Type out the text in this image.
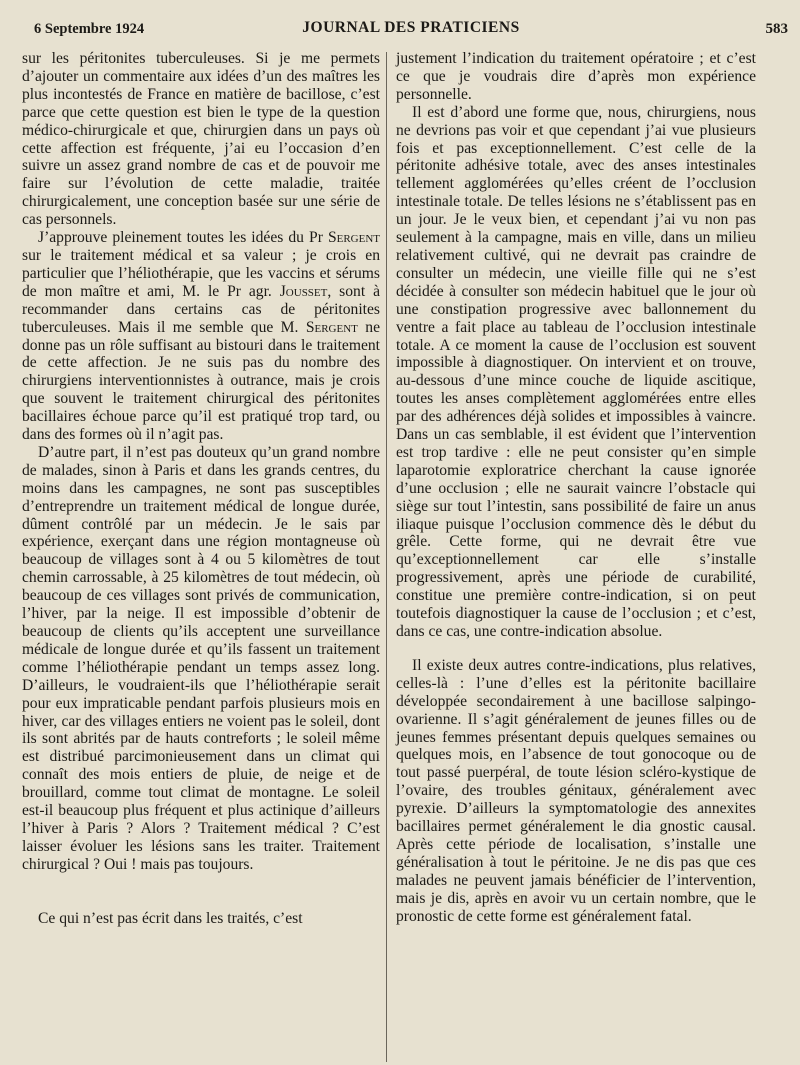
6 Septembre 1924	JOURNAL DES PRATICIENS	583

sur les péritonites tuberculeuses. Si je me permets d’ajouter un commentaire aux idées d’un des maîtres les plus incontestés de France en matière de bacillose, c’est parce que cette question est bien le type de la question médico-chirurgicale et que, chirurgien dans un pays où cette affection est fréquente, j’ai eu l’occasion d’en suivre un assez grand nombre de cas et de pouvoir me faire sur l’évolution de cette maladie, traitée chirurgicalement, une conception basée sur une série de cas personnels.

J’approuve pleinement toutes les idées du Pr Sergent sur le traitement médical et sa valeur ; je crois en particulier que l’héliothérapie, que les vaccins et sérums de mon maître et ami, M. le Pr agr. Jousset, sont à recommander dans certains cas de péritonites tuberculeuses. Mais il me semble que M. Sergent ne donne pas un rôle suffisant au bistouri dans le traitement de cette affection. Je ne suis pas du nombre des chirurgiens interventionnistes à outrance, mais je crois que souvent le traitement chirurgical des péritonites bacillaires échoue parce qu’il est pratiqué trop tard, ou dans des formes où il n’agit pas.

D’autre part, il n’est pas douteux qu’un grand nombre de malades, sinon à Paris et dans les grands centres, du moins dans les campagnes, ne sont pas susceptibles d’entreprendre un traitement médical de longue durée, dûment contrôlé par un médecin. Je le sais par expérience, exerçant dans une région montagneuse où beaucoup de villages sont à 4 ou 5 kilomètres de tout chemin carrossable, à 25 kilomètres de tout médecin, où beaucoup de ces villages sont privés de communication, l’hiver, par la neige. Il est impossible d’obtenir de beaucoup de clients qu’ils acceptent une surveillance médicale de longue durée et qu’ils fassent un traitement comme l’héliothérapie pendant un temps assez long. D’ailleurs, le voudraient-ils que l’héliothérapie serait pour eux impraticable pendant parfois plusieurs mois en hiver, car des villages entiers ne voient pas le soleil, dont ils sont abrités par de hauts contreforts ; le soleil même est distribué parcimonieusement dans un climat qui connaît des mois entiers de pluie, de neige et de brouillard, comme tout climat de montagne. Le soleil est-il beaucoup plus fréquent et plus actinique d’ailleurs l’hiver à Paris ? Alors ? Traitement médical ? C’est laisser évoluer les lésions sans les traiter. Traitement chirurgical ? Oui ! mais pas toujours.

Ce qui n’est pas écrit dans les traités, c’est

justement l’indication du traitement opératoire ; et c’est ce que je voudrais dire d’après mon expérience personnelle.

Il est d’abord une forme que, nous, chirurgiens, nous ne devrions pas voir et que cependant j’ai vue plusieurs fois et pas exceptionnellement. C’est celle de la péritonite adhésive totale, avec des anses intestinales tellement agglomérées qu’elles créent de l’occlusion intestinale totale. De telles lésions ne s’établissent pas en un jour. Je le veux bien, et cependant j’ai vu non pas seulement à la campagne, mais en ville, dans un milieu relativement cultivé, qui ne devrait pas craindre de consulter un médecin, une vieille fille qui ne s’est décidée à consulter son médecin habituel que le jour où une constipation progressive avec ballonnement du ventre a fait place au tableau de l’occlusion intestinale totale. A ce moment la cause de l’occlusion est souvent impossible à diagnostiquer. On intervient et on trouve, au-dessous d’une mince couche de liquide ascitique, toutes les anses complètement agglomérées entre elles par des adhérences déjà solides et impossibles à vaincre. Dans un cas semblable, il est évident que l’intervention est trop tardive : elle ne peut consister qu’en simple laparotomie exploratrice cherchant la cause ignorée d’une occlusion ; elle ne saurait vaincre l’obstacle qui siège sur tout l’intestin, sans possibilité de faire un anus iliaque puisque l’occlusion commence dès le début du grêle. Cette forme, qui ne devrait être vue qu’exceptionnellement car elle s’installe progressivement, après une période de curabilité, constitue une première contre-indication, si on peut toutefois diagnostiquer la cause de l’occlusion ; et c’est, dans ce cas, une contre-indication absolue.

Il existe deux autres contre-indications, plus relatives, celles-là : l’une d’elles est la péritonite bacillaire développée secondairement à une bacillose salpingo-ovarienne. Il s’agit généralement de jeunes filles ou de jeunes femmes présentant depuis quelques semaines ou quelques mois, en l’absence de tout gonocoque ou de tout passé puerpéral, de toute lésion scléro-kystique de l’ovaire, des troubles génitaux, généralement avec pyrexie. D’ailleurs la symptomatologie des annexites bacillaires permet généralement le dia gnostic causal. Après cette période de localisation, s’installe une généralisation à tout le péritoine. Je ne dis pas que ces malades ne peuvent jamais bénéficier de l’intervention, mais je dis, après en avoir vu un certain nombre, que le pronostic de cette forme est généralement fatal.
